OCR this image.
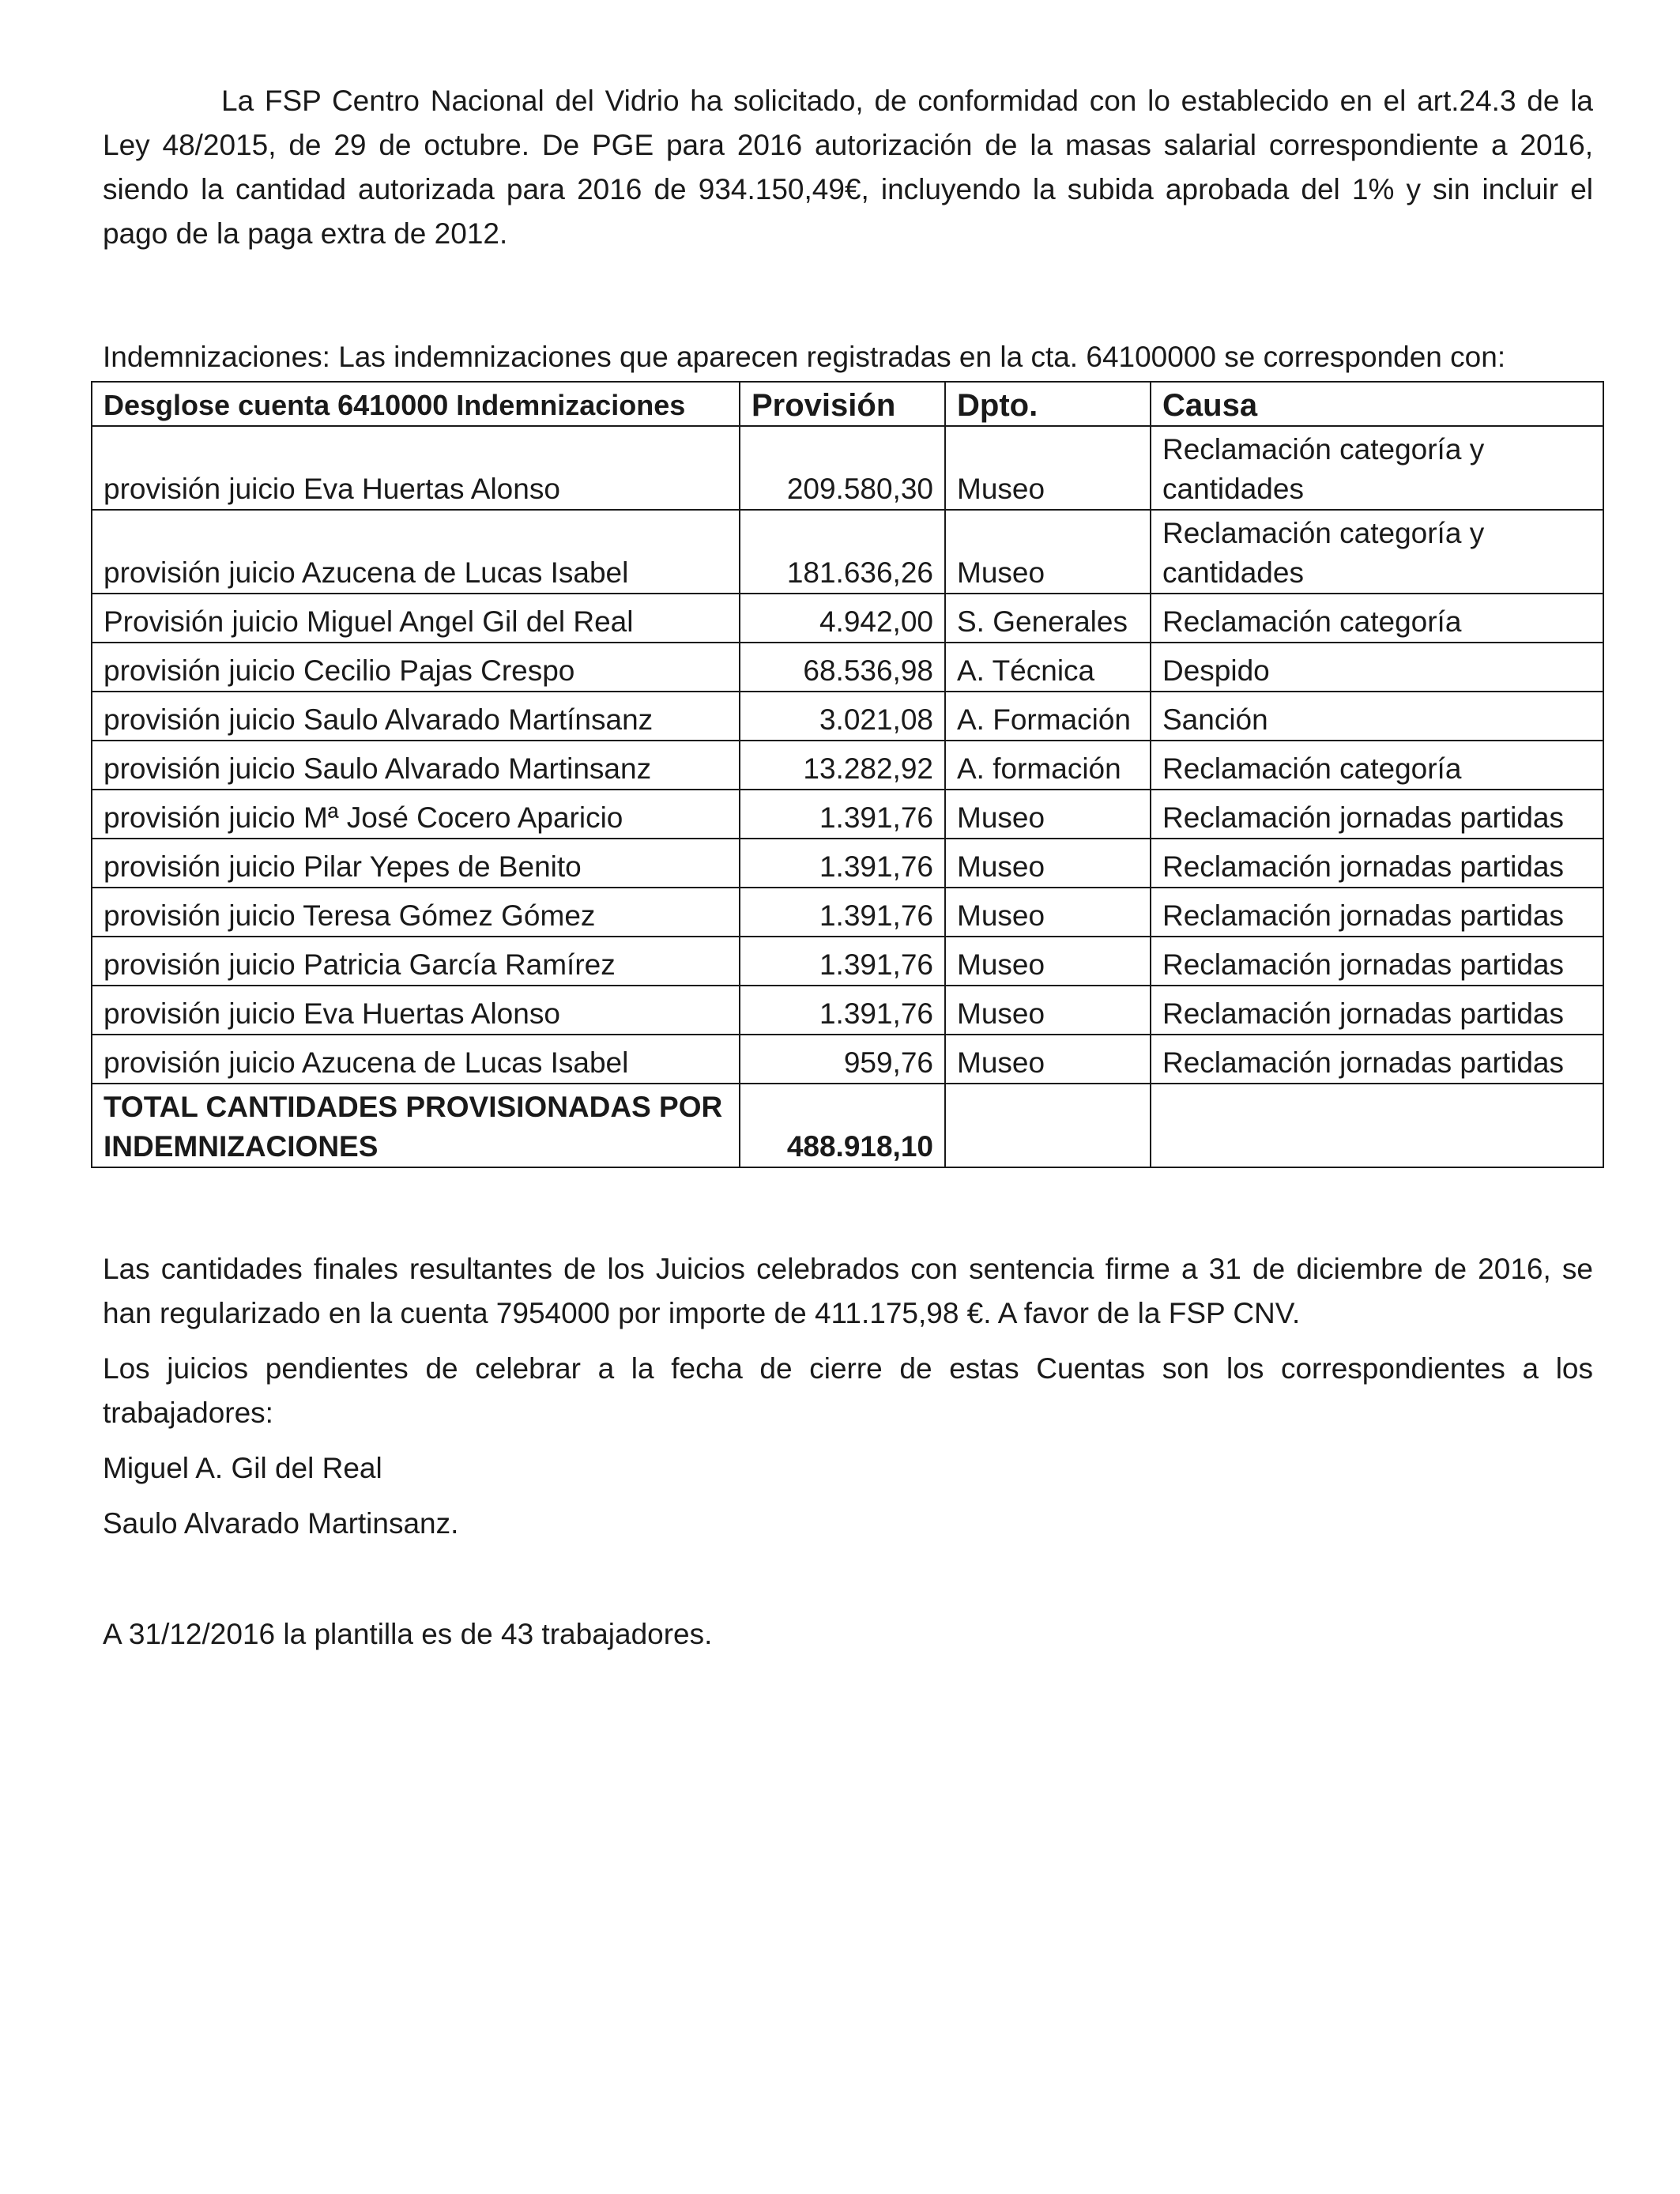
La FSP Centro Nacional del Vidrio ha solicitado, de conformidad con lo establecido en el art.24.3 de la Ley 48/2015, de 29 de octubre. De PGE para 2016 autorización de la masas salarial correspondiente a 2016, siendo la cantidad autorizada para 2016 de 934.150,49€, incluyendo la subida aprobada del 1% y sin incluir el pago de la paga extra de 2012.

Indemnizaciones: Las indemnizaciones que aparecen registradas en la cta. 64100000 se corresponden con:

Desglose cuenta 6410000 Indemnizaciones	Provisión	Dpto.	Causa
provisión juicio Eva Huertas Alonso	209.580,30	Museo	Reclamación categoría y cantidades
provisión juicio Azucena de Lucas Isabel	181.636,26	Museo	Reclamación categoría y cantidades
Provisión juicio Miguel Angel Gil del Real	4.942,00	S. Generales	Reclamación categoría
provisión juicio Cecilio Pajas Crespo	68.536,98	A. Técnica	Despido
provisión juicio Saulo Alvarado Martínsanz	3.021,08	A. Formación	Sanción
provisión juicio Saulo Alvarado Martinsanz	13.282,92	A. formación	Reclamación categoría
provisión juicio Mª José Cocero Aparicio	1.391,76	Museo	Reclamación jornadas partidas
provisión juicio Pilar Yepes de Benito	1.391,76	Museo	Reclamación jornadas partidas
provisión juicio Teresa Gómez Gómez	1.391,76	Museo	Reclamación jornadas partidas
provisión juicio Patricia García Ramírez	1.391,76	Museo	Reclamación jornadas partidas
provisión juicio Eva Huertas Alonso	1.391,76	Museo	Reclamación jornadas partidas
provisión juicio Azucena de Lucas Isabel	959,76	Museo	Reclamación jornadas partidas
TOTAL CANTIDADES PROVISIONADAS POR INDEMNIZACIONES	488.918,10		

Las cantidades finales resultantes de los Juicios celebrados con sentencia firme a 31 de diciembre de 2016, se han regularizado en la cuenta 7954000 por importe de 411.175,98 €. A favor de la FSP CNV.

Los juicios pendientes de celebrar a la fecha de cierre de estas Cuentas son los correspondientes a los trabajadores:

Miguel A. Gil del Real

Saulo Alvarado Martinsanz.

A 31/12/2016 la plantilla es de 43 trabajadores.
